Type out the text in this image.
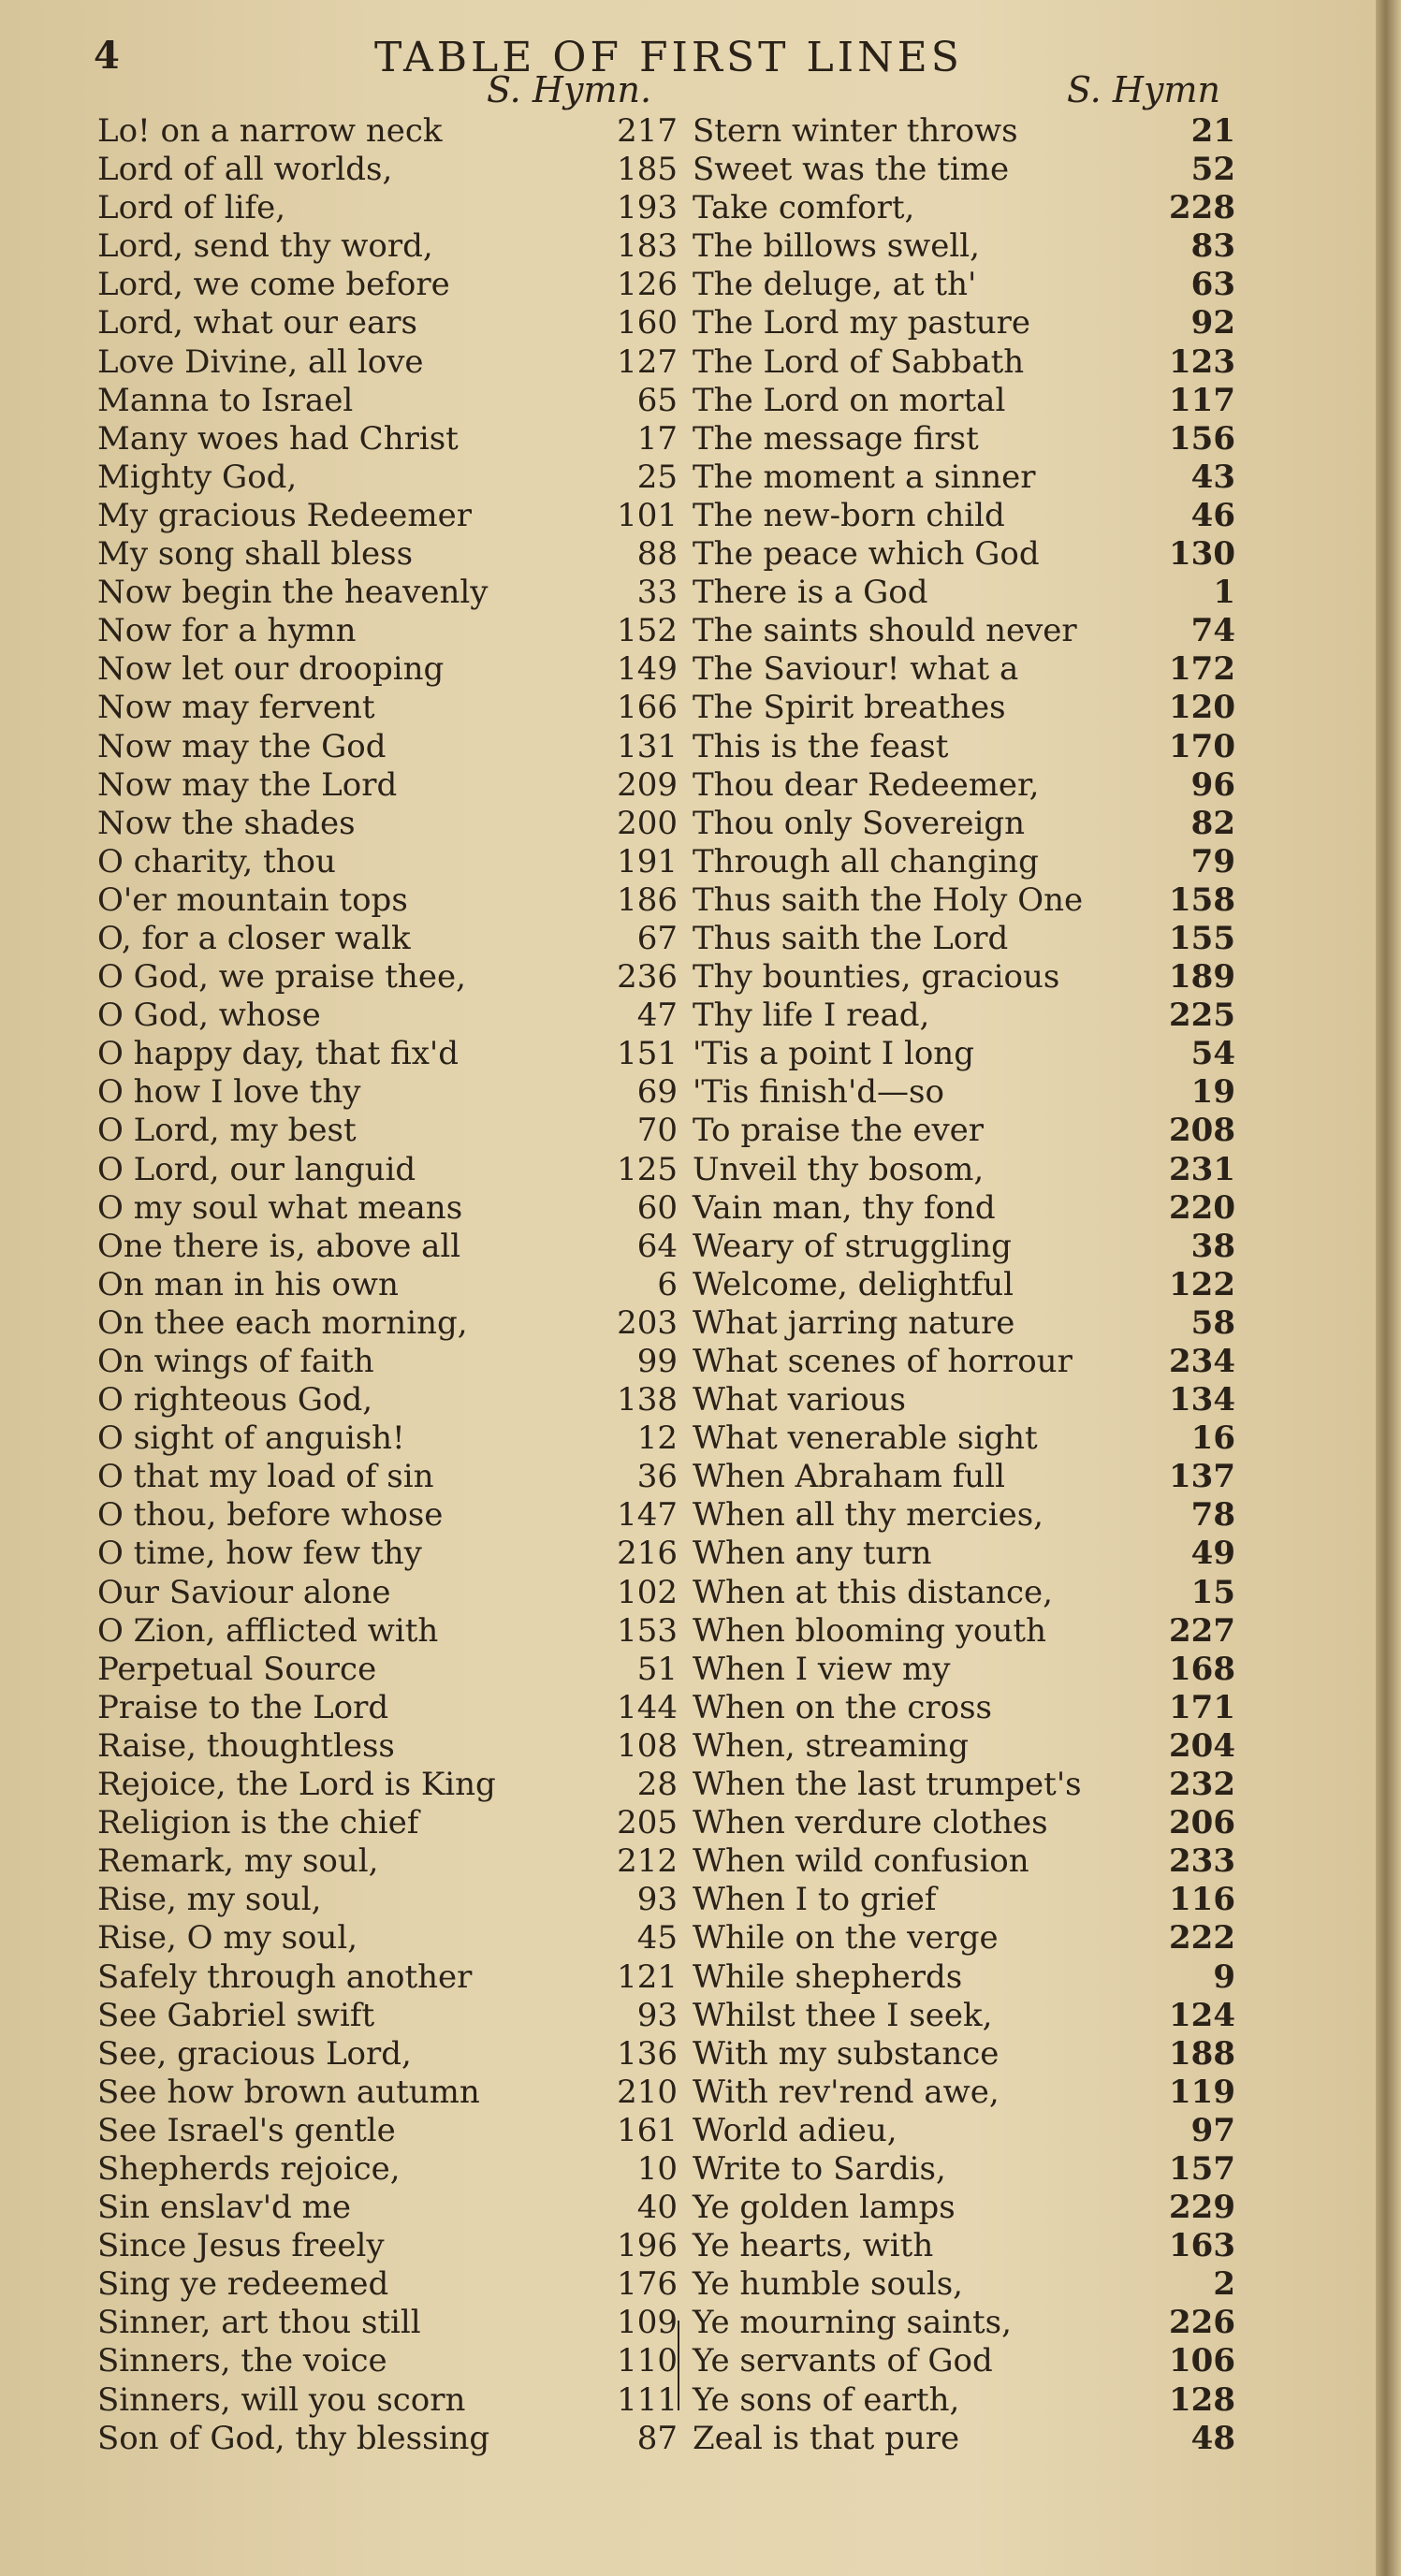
4	TABLE OF FIRST LINES
S. Hymn.	S. Hymn
Lo! on a narrow neck	217
Lord of all worlds,	185
Lord of life,	193
Lord, send thy word,	183
Lord, we come before	126
Lord, what our ears	160
Love Divine, all love	127
Manna to Israel	65
Many woes had Christ	17
Mighty God,	25
My gracious Redeemer	101
My song shall bless	88
Now begin the heavenly	33
Now for a hymn	152
Now let our drooping	149
Now may fervent	166
Now may the God	131
Now may the Lord	209
Now the shades	200
O charity, thou	191
O'er mountain tops	186
O, for a closer walk	67
O God, we praise thee,	236
O God, whose	47
O happy day, that fix'd	151
O how I love thy	69
O Lord, my best	70
O Lord, our languid	125
O my soul what means	60
One there is, above all	64
On man in his own	6
On thee each morning,	203
On wings of faith	99
O righteous God,	138
O sight of anguish!	12
O that my load of sin	36
O thou, before whose	147
O time, how few thy	216
Our Saviour alone	102
O Zion, afflicted with	153
Perpetual Source	51
Praise to the Lord	144
Raise, thoughtless	108
Rejoice, the Lord is King	28
Religion is the chief	205
Remark, my soul,	212
Rise, my soul,	93
Rise, O my soul,	45
Safely through another	121
See Gabriel swift	93
See, gracious Lord,	136
See how brown autumn	210
See Israel's gentle	161
Shepherds rejoice,	10
Sin enslav'd me	40
Since Jesus freely	196
Sing ye redeemed	176
Sinner, art thou still	109
Sinners, the voice	110
Sinners, will you scorn	111
Son of God, thy blessing	87
Stern winter throws	21
Sweet was the time	52
Take comfort,	228
The billows swell,	83
The deluge, at th'	63
The Lord my pasture	92
The Lord of Sabbath	123
The Lord on mortal	117
The message first	156
The moment a sinner	43
The new-born child	46
The peace which God	130
There is a God	1
The saints should never	74
The Saviour! what a	172
The Spirit breathes	120
This is the feast	170
Thou dear Redeemer,	96
Thou only Sovereign	82
Through all changing	79
Thus saith the Holy One	158
Thus saith the Lord	155
Thy bounties, gracious	189
Thy life I read,	225
'Tis a point I long	54
'Tis finish'd—so	19
To praise the ever	208
Unveil thy bosom,	231
Vain man, thy fond	220
Weary of struggling	38
Welcome, delightful	122
What jarring nature	58
What scenes of horrour	234
What various	134
What venerable sight	16
When Abraham full	137
When all thy mercies,	78
When any turn	49
When at this distance,	15
When blooming youth	227
When I view my	168
When on the cross	171
When, streaming	204
When the last trumpet's	232
When verdure clothes	206
When wild confusion	233
When I to grief	116
While on the verge	222
While shepherds	9
Whilst thee I seek,	124
With my substance	188
With rev'rend awe,	119
World adieu,	97
Write to Sardis,	157
Ye golden lamps	229
Ye hearts, with	163
Ye humble souls,	2
Ye mourning saints,	226
Ye servants of God	106
Ye sons of earth,	128
Zeal is that pure	48
